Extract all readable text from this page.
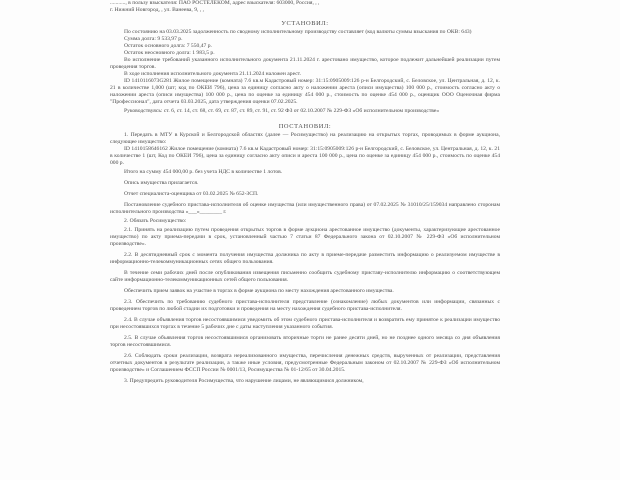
..........., в пользу взыскателя: ПАО РОСТЕЛЕКОМ, адрес взыскателя: 603000, Россия, , ,

г. Нижний Новгород, , ул. Ванеева, 9, , ,

УСТАНОВИЛ:

По состоянию на 03.03.2025 задолженность по сводному исполнительному производству составляет (код валюты суммы взыскания по ОКВ: 643)

Сумма долга: 9 533,97 р.

Остаток основного долга: 7 550,47 р.

Остаток неосновного долга: 1 983,5 р.

Во исполнение требований указанного исполнительного документа 21.11.2024 г. арестовано имущество, которое подлежит дальнейшей реализации путем проведения торгов.

В ходе исполнения исполнительного документа 21.11.2024 наложен арест.

ID 1410116073G281 Жилое помещение (комната) 7.6 кв.м Кадастровый номер: 31:15:0905009:126 р-н Белгородский, с. Беловское, ул. Центральная, д. 12, к. 21 в количестве 1,000 (шт; код по ОКЕИ 796), цена за единицу согласно акту о наложении ареста (описи имущества) 100 000 р., стоимость согласно акту о наложении ареста (описи имущества) 100 000 р., цена по оценке за единицу 454 000 р., стоимость по оценке 454 000 р., оценщик ООО Оценочная фирма "Профессионал", дата отчета 03.03.2025, дата утверждения оценки 07.02.2025.

Руководствуясь: ст. 6, ст. 14, ст. 68, ст. 69, ст. 87, ст. 89, ст. 91, ст. 92 ФЗ от 02.10.2007 № 229-ФЗ «Об исполнительном производстве»

ПОСТАНОВИЛ:

1. Передать в МТУ в Курской и Белгородской областях (далее — Росимущество) на реализацию на открытых торгах, проводимых в форме аукциона, следующее имущество:

ID 1410158646162 Жилое помещение (комната) 7.6 кв.м Кадастровый номер: 31:15:0905009:126 р-н Белгородский, с. Беловское, ул. Центральная, д. 12, к. 21 в количестве 1 (шт, Код по ОКЕИ 796), цена за единицу согласно акту описи и ареста 100 000 р., цена по оценке за единицу 454 000 р., стоимость по оценке 454 000 р.

Итого на сумму 454 000,00 р. без учета НДС в количестве 1 лотов.

Опись имущества прилагается.

Отчет специалиста-оценщика от 03.02.2025 № 652-ЗСП.

Постановление судебного пристава-исполнителя об оценке имущества (или имущественного права) от 07.02.2025 № 31010/25/159034 направлено сторонам исполнительного производства «___»________ г.

2. Обязать Росимущество:

2.1. Принять на реализацию путем проведения открытых торгов в форме аукциона арестованное имущество (документы, характеризующие арестованное имущество) по акту приема-передачи в срок, установленный частью 7 статьи 87 Федерального закона от 02.10.2007 № 229-ФЗ «Об исполнительном производстве».

2.2. В десятидневный срок с момента получения имущества должника по акту в приеме-передаче разместить информацию о реализуемом имуществе в информационно-телекоммуникационных сетях общего пользования.

В течение семи рабочих дней после опубликования извещения письменно сообщить судебному приставу-исполнителю информацию о соответствующем сайте информационно-телекоммуникационных сетей общего пользования.

Обеспечить прием заявок на участие в торгах в форме аукциона по месту нахождения арестованного имущества.

2.3. Обеспечить по требованию судебного пристава-исполнителя представление (ознакомление) любых документов или информации, связанных с проведением торгов по любой стадии их подготовки и проведения на месту нахождения судебного пристава-исполнителя.

2.4. В случае объявления торгов несостоявшимися уведомить об этом судебного пристава-исполнителя и возвратить ему принятое к реализации имущество при несостоявшихся торгах в течение 5 рабочих дне с даты наступления указанного события.

2.5. В случае объявления торгов несостоявшимися организовать вторичные торги не ранее десяти дней, но не позднее одного месяца со дня объявления торгов несостоявшимися.

2.6. Соблюдать сроки реализации, возврата нереализованного имущества, перечисления денежных средств, вырученных от реализации, представления отчетных документов в результате реализации, а также иные условия, предусмотренные Федеральным законом от 02.10.2007 № 229-ФЗ «Об исполнительном производстве» и Соглашением ФССП России № 0001/13, Росимущества № 01-12/65 от 30.04.2015.

3. Предупредить руководителя Росимущества, что нарушение лицами, не являющимися должником,
